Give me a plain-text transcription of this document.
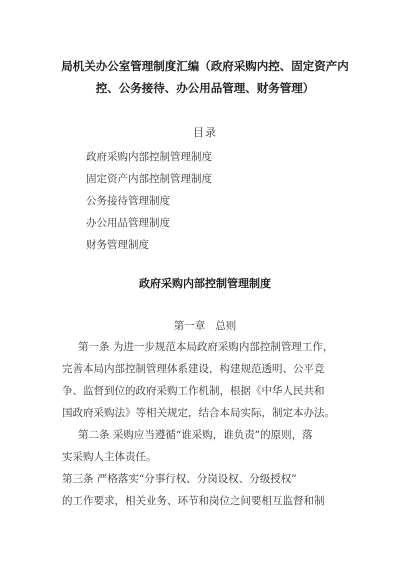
局机关办公室管理制度汇编（政府采购内控、固定资产内
控、公务接待、办公用品管理、财务管理）
目录
政府采购内部控制管理制度
固定资产内部控制管理制度
公务接待管理制度
办公用品管理制度
财务管理制度
政府采购内部控制管理制度
第一章   总则
第一条 为进一步规范本局政府采购内部控制管理工作，
完善本局内部控制管理体系建设，构建规范透明、公平竞
争、监督到位的政府采购工作机制，根据《中华人民共和
国政府采购法》等相关规定，结合本局实际，制定本办法。
第二条 采购应当遵循“谁采购，谁负责”的原则，落
实采购人主体责任。
第三条 严格落实“分事行权、分岗设权、分级授权”
的工作要求，相关业务、环节和岗位之间要相互监督和制
